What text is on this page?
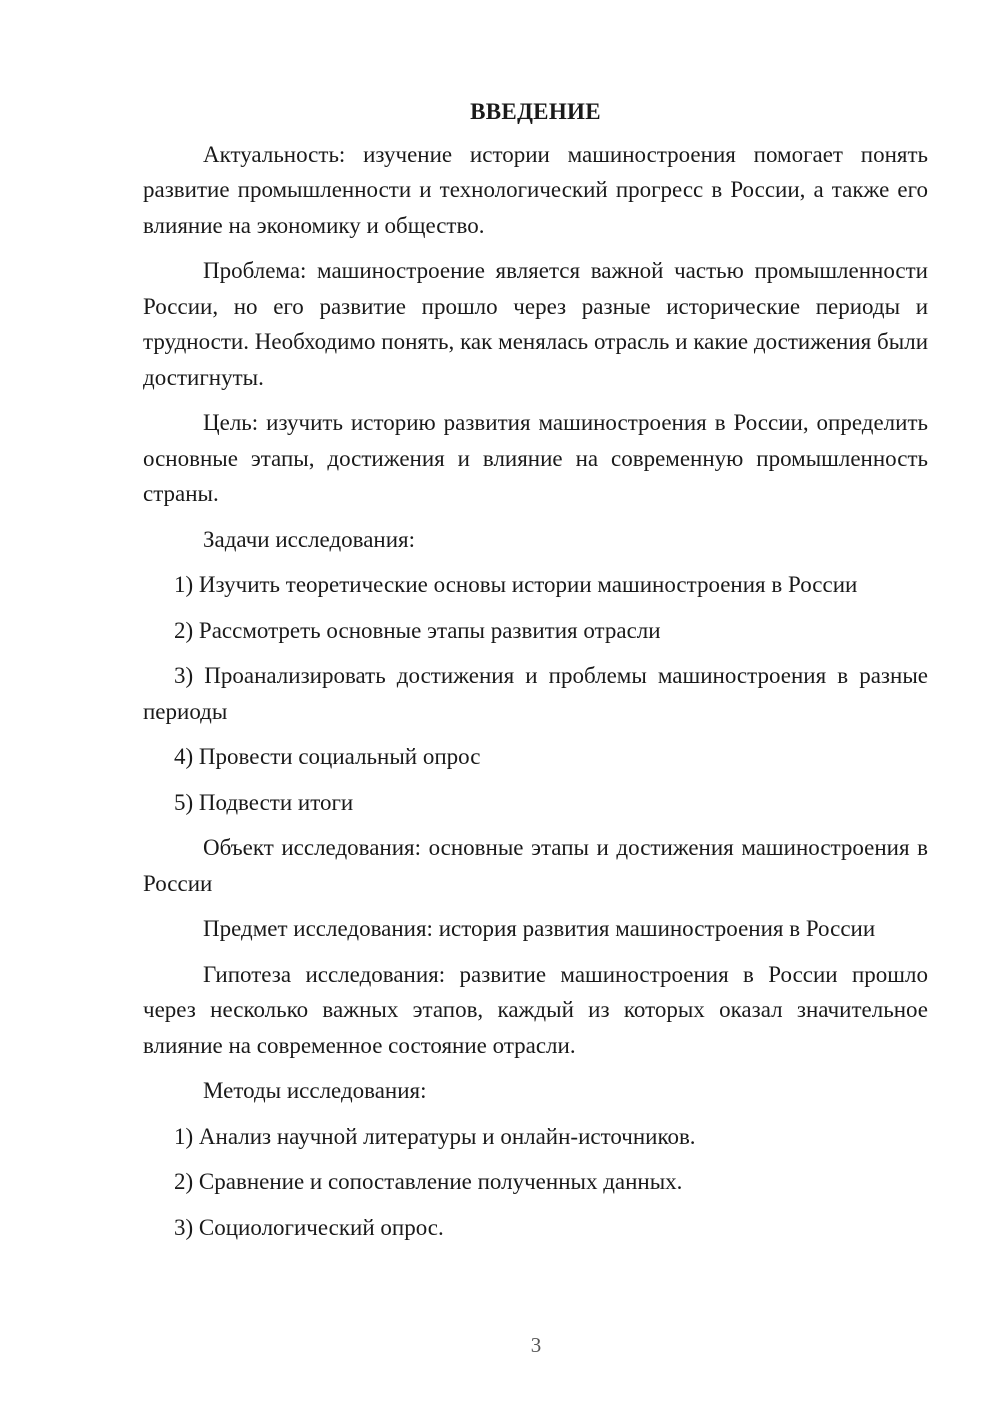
ВВЕДЕНИЕ

Актуальность: изучение истории машиностроения помогает понять развитие промышленности и технологический прогресс в России, а также его влияние на экономику и общество.

Проблема: машиностроение является важной частью промышленности России, но его развитие прошло через разные исторические периоды и трудности. Необходимо понять, как менялась отрасль и какие достижения были достигнуты.

Цель: изучить историю развития машиностроения в России, определить основные этапы, достижения и влияние на современную промышленность страны.

Задачи исследования:

1) Изучить теоретические основы истории машиностроения в России

2) Рассмотреть основные этапы развития отрасли

3) Проанализировать достижения и проблемы машиностроения в разные периоды

4) Провести социальный опрос

5) Подвести итоги

Объект исследования: основные этапы и достижения машиностроения в России

Предмет исследования: история развития машиностроения в России

Гипотеза исследования: развитие машиностроения в России прошло через несколько важных этапов, каждый из которых оказал значительное влияние на современное состояние отрасли.

Методы исследования:

1) Анализ научной литературы и онлайн-источников.

2) Сравнение и сопоставление полученных данных.

3) Социологический опрос.

3
